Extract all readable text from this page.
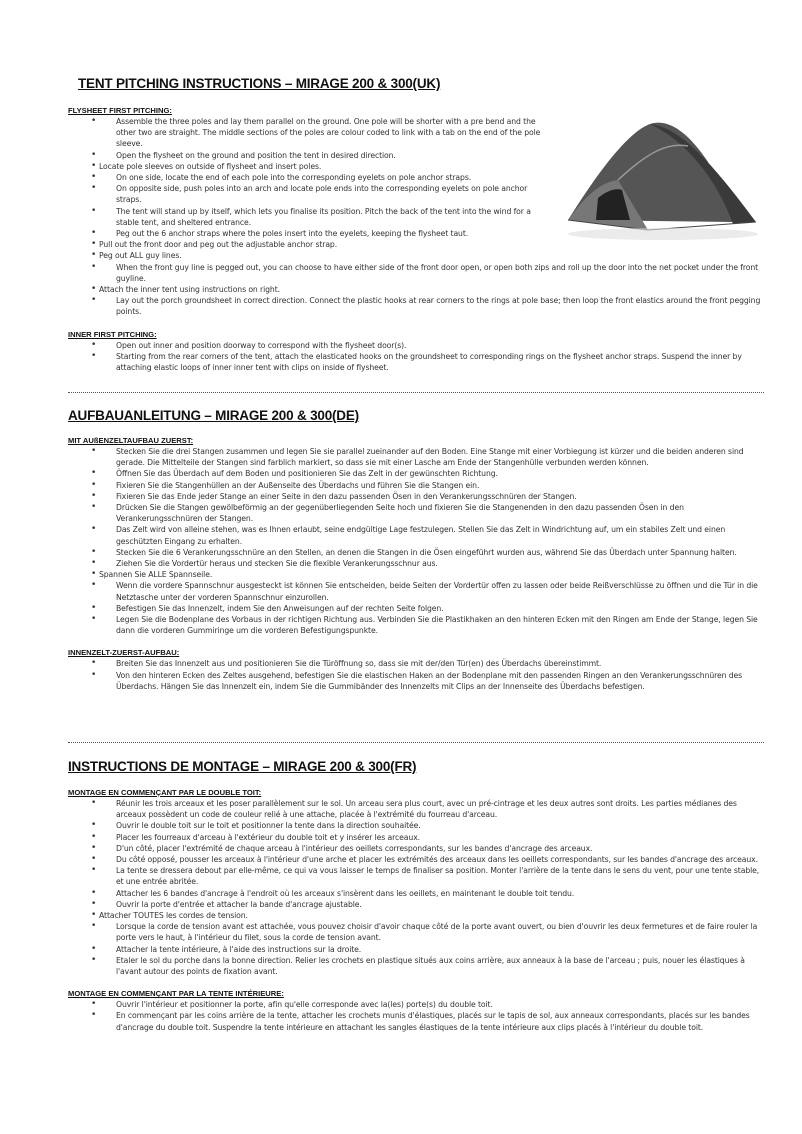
TENT PITCHING INSTRUCTIONS – MIRAGE 200 & 300(UK)
FLYSHEET FIRST PITCHING:
• Assemble the three poles and lay them parallel on the ground. One pole will be shorter with a pre bend and the other two are straight. The middle sections of the poles are colour coded to link with a tab on the end of the pole sleeve.
• Open the flysheet on the ground and position the tent in desired direction.
• Locate pole sleeves on outside of flysheet and insert poles.
• On one side, locate the end of each pole into the corresponding eyelets on pole anchor straps.
• On opposite side, push poles into an arch and locate pole ends into the corresponding eyelets on pole anchor straps.
• The tent will stand up by itself, which lets you finalise its position. Pitch the back of the tent into the wind for a stable tent, and sheltered entrance.
• Peg out the 6 anchor straps where the poles insert into the eyelets, keeping the flysheet taut.
• Pull out the front door and peg out the adjustable anchor strap.
• Peg out ALL guy lines.
• When the front guy line is pegged out, you can choose to have either side of the front door open, or open both zips and roll up the door into the net pocket under the front guyline.
• Attach the inner tent using instructions on right.
• Lay out the porch groundsheet in correct direction. Connect the plastic hooks at rear corners to the rings at pole base; then loop the front elastics around the front pegging points.
INNER FIRST PITCHING:
• Open out inner and position doorway to correspond with the flysheet door(s).
• Starting from the rear corners of the tent, attach the elasticated hooks on the groundsheet to corresponding rings on the flysheet anchor straps. Suspend the inner by attaching elastic loops of inner inner tent with clips on inside of flysheet.
AUFBAUANLEITUNG – MIRAGE 200 & 300(DE)
MIT AUßENZELTAUFBAU ZUERST:
• Stecken Sie die drei Stangen zusammen und legen Sie sie parallel zueinander auf den Boden. Eine Stange mit einer Vorbiegung ist kürzer und die beiden anderen sind gerade. Die Mittelteile der Stangen sind farblich markiert, so dass sie mit einer Lasche am Ende der Stangenhülle verbunden werden können.
• Öffnen Sie das Überdach auf dem Boden und positionieren Sie das Zelt in der gewünschten Richtung.
• Fixieren Sie die Stangenhüllen an der Außenseite des Überdachs und führen Sie die Stangen ein.
• Fixieren Sie das Ende jeder Stange an einer Seite in den dazu passenden Ösen in den Verankerungsschnüren der Stangen.
• Drücken Sie die Stangen gewölbeförmig an der gegenüberliegenden Seite hoch und fixieren Sie die Stangenenden in den dazu passenden Ösen in den Verankerungsschnüren der Stangen.
• Das Zelt wird von alleine stehen, was es Ihnen erlaubt, seine endgültige Lage festzulegen. Stellen Sie das Zelt in Windrichtung auf, um ein stabiles Zelt und einen geschützten Eingang zu erhalten.
• Stecken Sie die 6 Verankerungsschnüre an den Stellen, an denen die Stangen in die Ösen eingeführt wurden aus, während Sie das Überdach unter Spannung halten.
• Ziehen Sie die Vordertür heraus und stecken Sie die flexible Verankerungsschnur aus.
• Spannen Sie ALLE Spannseile.
• Wenn die vordere Spannschnur ausgesteckt ist können Sie entscheiden, beide Seiten der Vordertür offen zu lassen oder beide Reißverschlüsse zu öffnen und die Tür in die Netztasche unter der vorderen Spannschnur einzurollen.
• Befestigen Sie das Innenzelt, indem Sie den Anweisungen auf der rechten Seite folgen.
• Legen Sie die Bodenplane des Vorbaus in der richtigen Richtung aus. Verbinden Sie die Plastikhaken an den hinteren Ecken mit den Ringen am Ende der Stange, legen Sie dann die vorderen Gummiringe um die vorderen Befestigungspunkte.
INNENZELT-ZUERST-AUFBAU:
• Breiten Sie das Innenzelt aus und positionieren Sie die Türöffnung so, dass sie mit der/den Tür(en) des Überdachs übereinstimmt.
• Von den hinteren Ecken des Zeltes ausgehend, befestigen Sie die elastischen Haken an der Bodenplane mit den passenden Ringen an den Verankerungsschnüren des Überdachs. Hängen Sie das Innenzelt ein, indem Sie die Gummibänder des Innenzelts mit Clips an der Innenseite des Überdachs befestigen.
INSTRUCTIONS DE MONTAGE – MIRAGE 200 & 300(FR)
MONTAGE EN COMMENÇANT PAR LE DOUBLE TOIT:
• Réunir les trois arceaux et les poser parallèlement sur le sol. Un arceau sera plus court, avec un pré-cintrage et les deux autres sont droits. Les parties médianes des arceaux possèdent un code de couleur relié à une attache, placée à l'extrémité du fourreau d'arceau.
• Ouvrir le double toit sur le toit et positionner la tente dans la direction souhaitée.
• Placer les fourreaux d'arceau à l'extérieur du double toit et y insérer les arceaux.
• D'un côté, placer l'extrémité de chaque arceau à l'intérieur des oeillets correspondants, sur les bandes d'ancrage des arceaux.
• Du côté opposé, pousser les arceaux à l'intérieur d'une arche et placer les extrémités des arceaux dans les oeillets correspondants, sur les bandes d'ancrage des arceaux.
• La tente se dressera debout par elle-même, ce qui va vous laisser le temps de finaliser sa position. Monter l'arrière de la tente dans le sens du vent, pour une tente stable, et une entrée abritée.
• Attacher les 6 bandes d'ancrage à l'endroit où les arceaux s'insèrent dans les oeillets, en maintenant le double toit tendu.
• Ouvrir la porte d'entrée et attacher la bande d'ancrage ajustable.
• Attacher TOUTES les cordes de tension.
• Lorsque la corde de tension avant est attachée, vous pouvez choisir d'avoir chaque côté de la porte avant ouvert, ou bien d'ouvrir les deux fermetures et de faire rouler la porte vers le haut, à l'intérieur du filet, sous la corde de tension avant.
• Attacher la tente intérieure, à l'aide des instructions sur la droite.
• Etaler le sol du porche dans la bonne direction. Relier les crochets en plastique situés aux coins arrière, aux anneaux à la base de l'arceau ; puis, nouer les élastiques à l'avant autour des points de fixation avant.
MONTAGE EN COMMENÇANT PAR LA TENTE INTÉRIEURE:
• Ouvrir l'intérieur et positionner la porte, afin qu'elle corresponde avec la(les) porte(s) du double toit.
• En commençant par les coins arrière de la tente, attacher les crochets munis d'élastiques, placés sur le tapis de sol, aux anneaux correspondants, placés sur les bandes d'ancrage du double toit. Suspendre la tente intérieure en attachant les sangles élastiques de la tente intérieure aux clips placés à l'intérieur du double toit.
